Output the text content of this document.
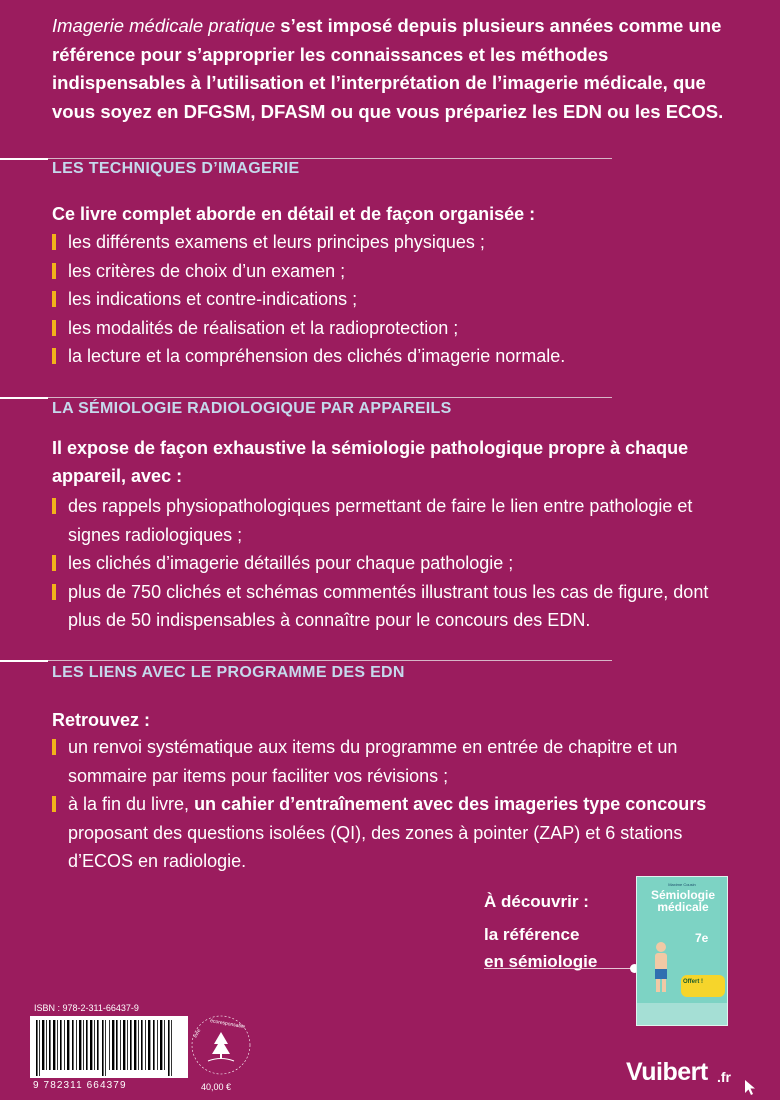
Imagerie médicale pratique s’est imposé depuis plusieurs années comme une référence pour s’approprier les connaissances et les méthodes indispensables à l’utilisation et l’interprétation de l’imagerie médicale, que vous soyez en DFGSM, DFASM ou que vous prépariez les EDN ou les ECOS.

LES TECHNIQUES D’IMAGERIE
Ce livre complet aborde en détail et de façon organisée :
les différents examens et leurs principes physiques ;
les critères de choix d’un examen ;
les indications et contre-indications ;
les modalités de réalisation et la radioprotection ;
la lecture et la compréhension des clichés d’imagerie normale.
LA SÉMIOLOGIE RADIOLOGIQUE PAR APPAREILS
Il expose de façon exhaustive la sémiologie pathologique propre à chaque appareil, avec :
des rappels physiopathologiques permettant de faire le lien entre pathologie et signes radiologiques ;
les clichés d’imagerie détaillés pour chaque pathologie ;
plus de 750 clichés et schémas commentés illustrant tous les cas de figure, dont plus de 50 indispensables à connaître pour le concours des EDN.
LES LIENS AVEC LE PROGRAMME DES EDN
Retrouvez :
un renvoi systématique aux items du programme en entrée de chapitre et un sommaire par items pour faciliter vos révisions ;
à la fin du livre, un cahier d’entraînement avec des imageries type concours proposant des questions isolées (QI), des zones à pointer (ZAP) et 6 stations d’ECOS en radiologie.
À découvrir :
la référence
en sémiologie
Maxime Cousin
Sémiologie médicale
7e
Offert !
ISBN : 978-2-311-66437-9
9 782311 664379
livre
écoresponsable
40,00 €
Vuibert .fr
